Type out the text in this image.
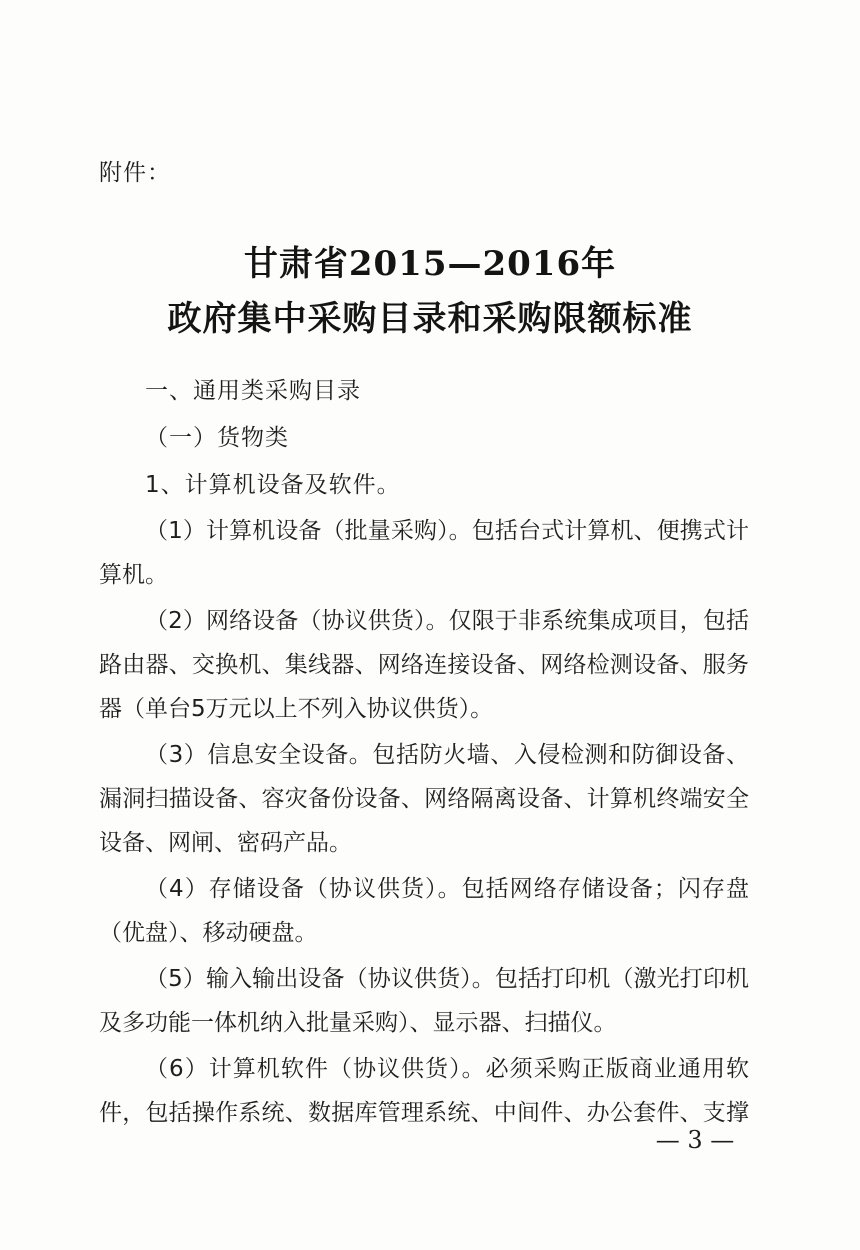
附件：
甘肃省2015—2016年
政府集中采购目录和采购限额标准
一、通用类采购目录
（一）货物类
1、计算机设备及软件。
（1）计算机设备（批量采购）。包括台式计算机、便携式计
算机。
（2）网络设备（协议供货）。仅限于非系统集成项目，包括
路由器、交换机、集线器、网络连接设备、网络检测设备、服务
器（单台5万元以上不列入协议供货）。
（3）信息安全设备。包括防火墙、入侵检测和防御设备、
漏洞扫描设备、容灾备份设备、网络隔离设备、计算机终端安全
设备、网闸、密码产品。
（4）存储设备（协议供货）。包括网络存储设备；闪存盘
（优盘）、移动硬盘。
（5）输入输出设备（协议供货）。包括打印机（激光打印机
及多功能一体机纳入批量采购）、显示器、扫描仪。
（6）计算机软件（协议供货）。必须采购正版商业通用软
件，包括操作系统、数据库管理系统、中间件、办公套件、支撑
— 3 —
